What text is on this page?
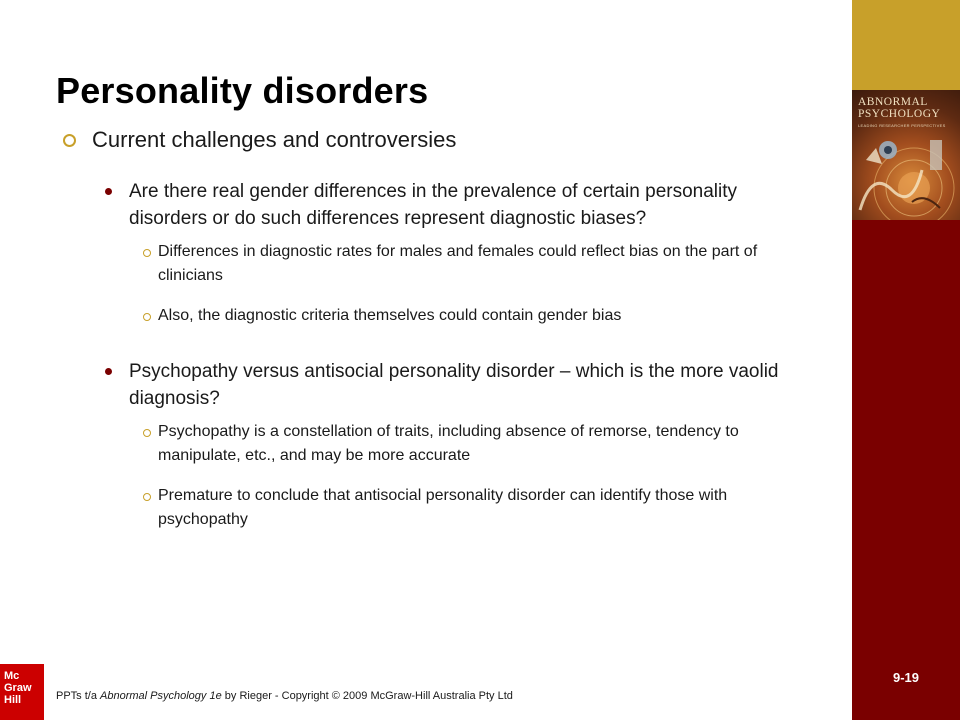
ABNORMAL
PSYCHOLOGY
LEADING RESEARCHER PERSPECTIVES
Personality disorders
Current challenges and controversies
Are there real gender differences in the prevalence of certain personality disorders or do such differences represent diagnostic biases?
Differences in diagnostic rates for males and females could reflect bias on the part of clinicians
Also, the diagnostic criteria themselves could contain gender bias
Psychopathy versus antisocial personality disorder – which is the more vaolid diagnosis?
Psychopathy is a constellation of traits, including absence of remorse, tendency to manipulate, etc., and may be more accurate
Premature to conclude that antisocial personality disorder can identify those with psychopathy
PPTs t/a Abnormal Psychology 1e by Rieger - Copyright © 2009 McGraw-Hill Australia Pty Ltd
9-19
Mc
Graw
Hill
